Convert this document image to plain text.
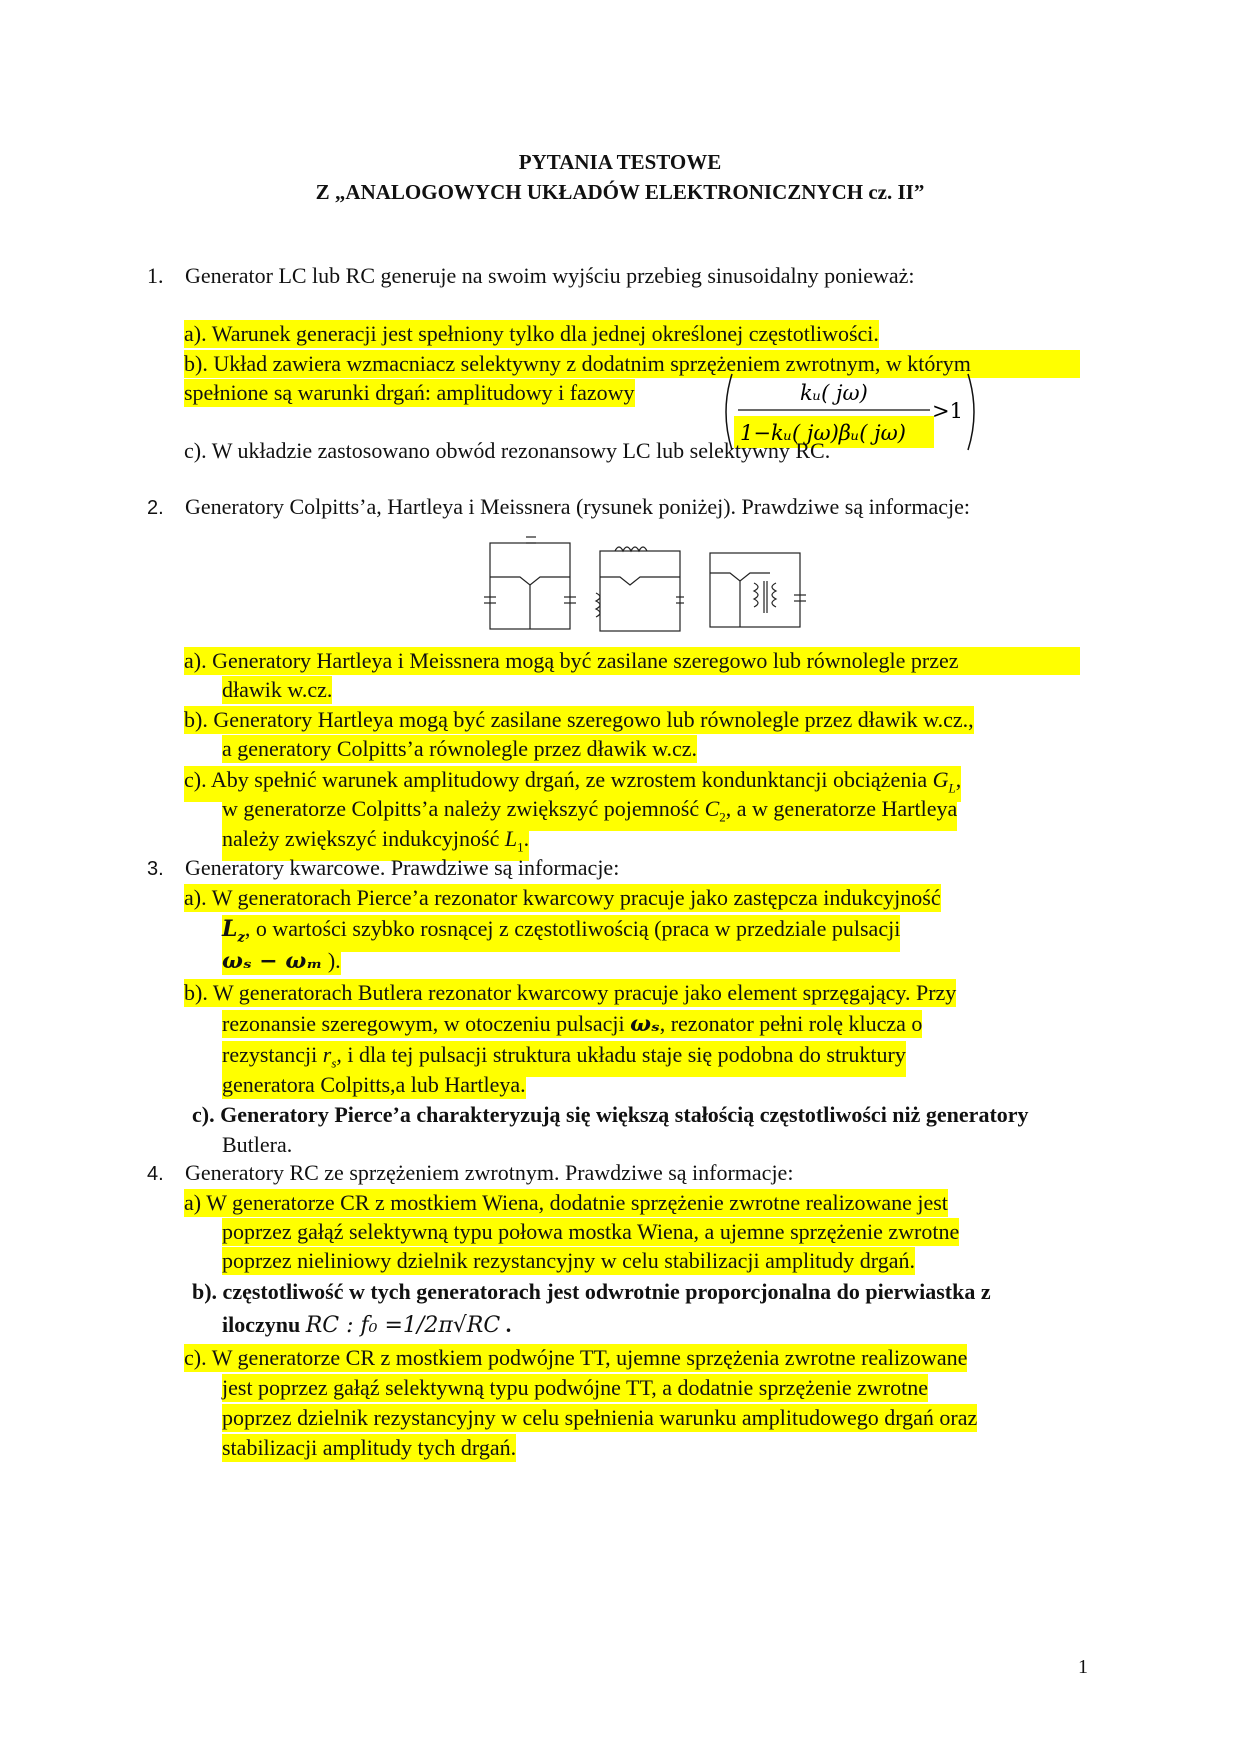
PYTANIA TESTOWE
Z „ANALOGOWYCH UKŁADÓW ELEKTRONICZNYCH cz. II”
1. Generator LC lub RC generuje na swoim wyjściu przebieg sinusoidalny ponieważ:
a). Warunek generacji jest spełniony tylko dla jednej określonej częstotliwości.
b). Układ zawiera wzmacniacz selektywny z dodatnim sprzężeniem zwrotnym, w którym
spełnione są warunki drgań: amplitudowy i fazowy	kᵤ( jω)
1−kᵤ( jω)βᵤ( jω)
>1
c). W układzie zastosowano obwód rezonansowy LC lub selektywny RC.
2. Generatory Colpitts’a, Hartleya i Meissnera (rysunek poniżej). Prawdziwe są informacje:
a). Generatory Hartleya i Meissnera mogą być zasilane szeregowo lub równolegle przez
dławik w.cz.
b). Generatory Hartleya mogą być zasilane szeregowo lub równolegle przez dławik w.cz.,
a generatory Colpitts’a równolegle przez dławik w.cz.
c). Aby spełnić warunek amplitudowy drgań, ze wzrostem kondunktancji obciążenia $G_L$,
w generatorze Colpitts’a należy zwiększyć pojemność $C_2$, a w generatorze Hartleya
należy zwiększyć indukcyjność $L_1$.
3. Generatory kwarcowe. Prawdziwe są informacje:
a). W generatorach Pierce’a rezonator kwarcowy pracuje jako zastępcza indukcyjność
$L_z$, o wartości szybko rosnącej z częstotliwością (praca w przedziale pulsacji
ωₛ − ωₘ ).
b). W generatorach Butlera rezonator kwarcowy pracuje jako element sprzęgający. Przy
rezonansie szeregowym, w otoczeniu pulsacji ωₛ, rezonator pełni rolę klucza o
rezystancji $r_s$, i dla tej pulsacji struktura układu staje się podobna do struktury
generatora Colpitts,a lub Hartleya.
c). Generatory Pierce’a charakteryzują się większą stałością częstotliwości niż generatory
Butlera.
4. Generatory RC ze sprzężeniem zwrotnym. Prawdziwe są informacje:
a) W generatorze CR z mostkiem Wiena, dodatnie sprzężenie zwrotne realizowane jest
poprzez gałąź selektywną typu połowa mostka Wiena, a ujemne sprzężenie zwrotne
poprzez nieliniowy dzielnik rezystancyjny w celu stabilizacji amplitudy drgań.
b). częstotliwość w tych generatorach jest odwrotnie proporcjonalna do pierwiastka z
iloczynu RC : f₀ =1/2π√RC .
c). W generatorze CR z mostkiem podwójne TT, ujemne sprzężenia zwrotne realizowane
jest poprzez gałąź selektywną typu podwójne TT, a dodatnie sprzężenie zwrotne
poprzez dzielnik rezystancyjny w celu spełnienia warunku amplitudowego drgań oraz
stabilizacji amplitudy tych drgań.
1
